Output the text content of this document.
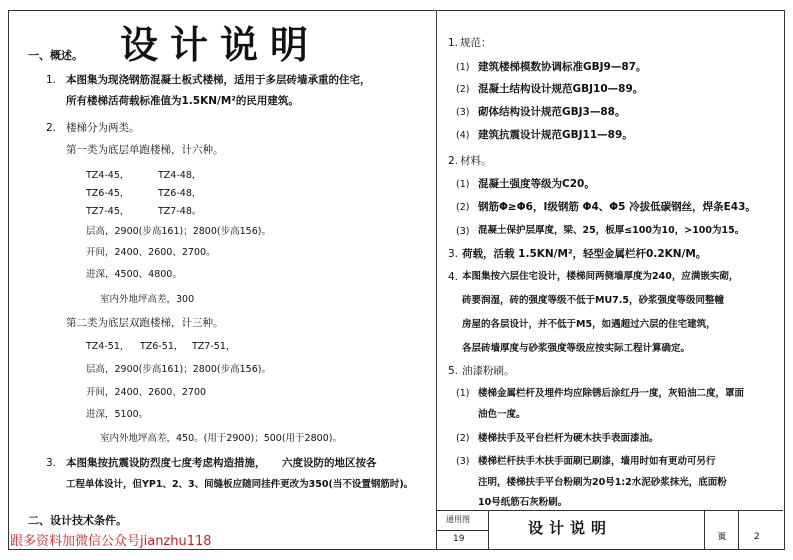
设计说明
一、概述。
1. 本图集为现浇钢筋混凝土板式楼梯，适用于多层砖墙承重的住宅，
所有楼梯活荷载标准值为1.5KN/M²的民用建筑。
2. 楼梯分为两类。
第一类为底层单跑楼梯，计六种。
TZ4-45，	TZ4-48，
TZ6-45，	TZ6-48，
TZ7-45，	TZ7-48。
层高，2900(步高161)；2800(步高156)。
开间，2400、2600、2700。
进深，4500、4800。
室内外地坪高差，300
第二类为底层双跑楼梯，计三种。
TZ4-51， TZ6-51， TZ7-51，
层高，2900(步高161)；2800(步高156)。
开间，2400、2600、2700
进深，5100。
室内外地坪高差，450。(用于2900)；500(用于2800)。
3. 本图集按抗震设防烈度七度考虑构造措施， 六度设防的地区按各
工程单体设计，但YP1、2、3、间缝板应随同挂件更改为350(当不设置钢筋时)。
二、设计技术条件。
1. 规范：
(1) 建筑楼梯模数协调标准GBJ9—87。
(2) 混凝土结构设计规范GBJ10—89。
(3) 砌体结构设计规范GBJ3—88。
(4) 建筑抗震设计规范GBJ11—89。
2. 材料。
(1) 混凝土强度等级为C20。
(2) 钢筋Φ≥Φ6，I级钢筋 Φ4、Φ5 冷拔低碳钢丝，焊条E43。
(3) 混凝土保护层厚度，梁、25，板厚≤100为10，>100为15。
3. 荷载，活载 1.5KN/M²，轻型金属栏杆0.2KN/M。
4. 本图集按六层住宅设计，楼梯间两侧墙厚度为240，应满嵌实砌，
砖要润湿，砖的强度等级不低于MU7.5，砂浆强度等级同整幢
房屋的各层设计，并不低于M5，如遇超过六层的住宅建筑，
各层砖墙厚度与砂浆强度等级应按实际工程计算确定。
5. 油漆粉刷。
(1) 楼梯金属栏杆及埋件均应除锈后涂红丹一度，灰铅油二度，罩面
油色一度。
(2) 楼梯扶手及平台栏杆为硬木扶手表面漆油。
(3) 楼梯栏杆扶手木扶手面刷已刷漆，墙用时如有更动可另行
注明，楼梯扶手平台粉刷为20号1:2水泥砂浆抹光，底面粉
10号纸筋石灰粉刷。
通用图
19
设计说明	页	2
跟多资料加微信公众号jianzhu118
